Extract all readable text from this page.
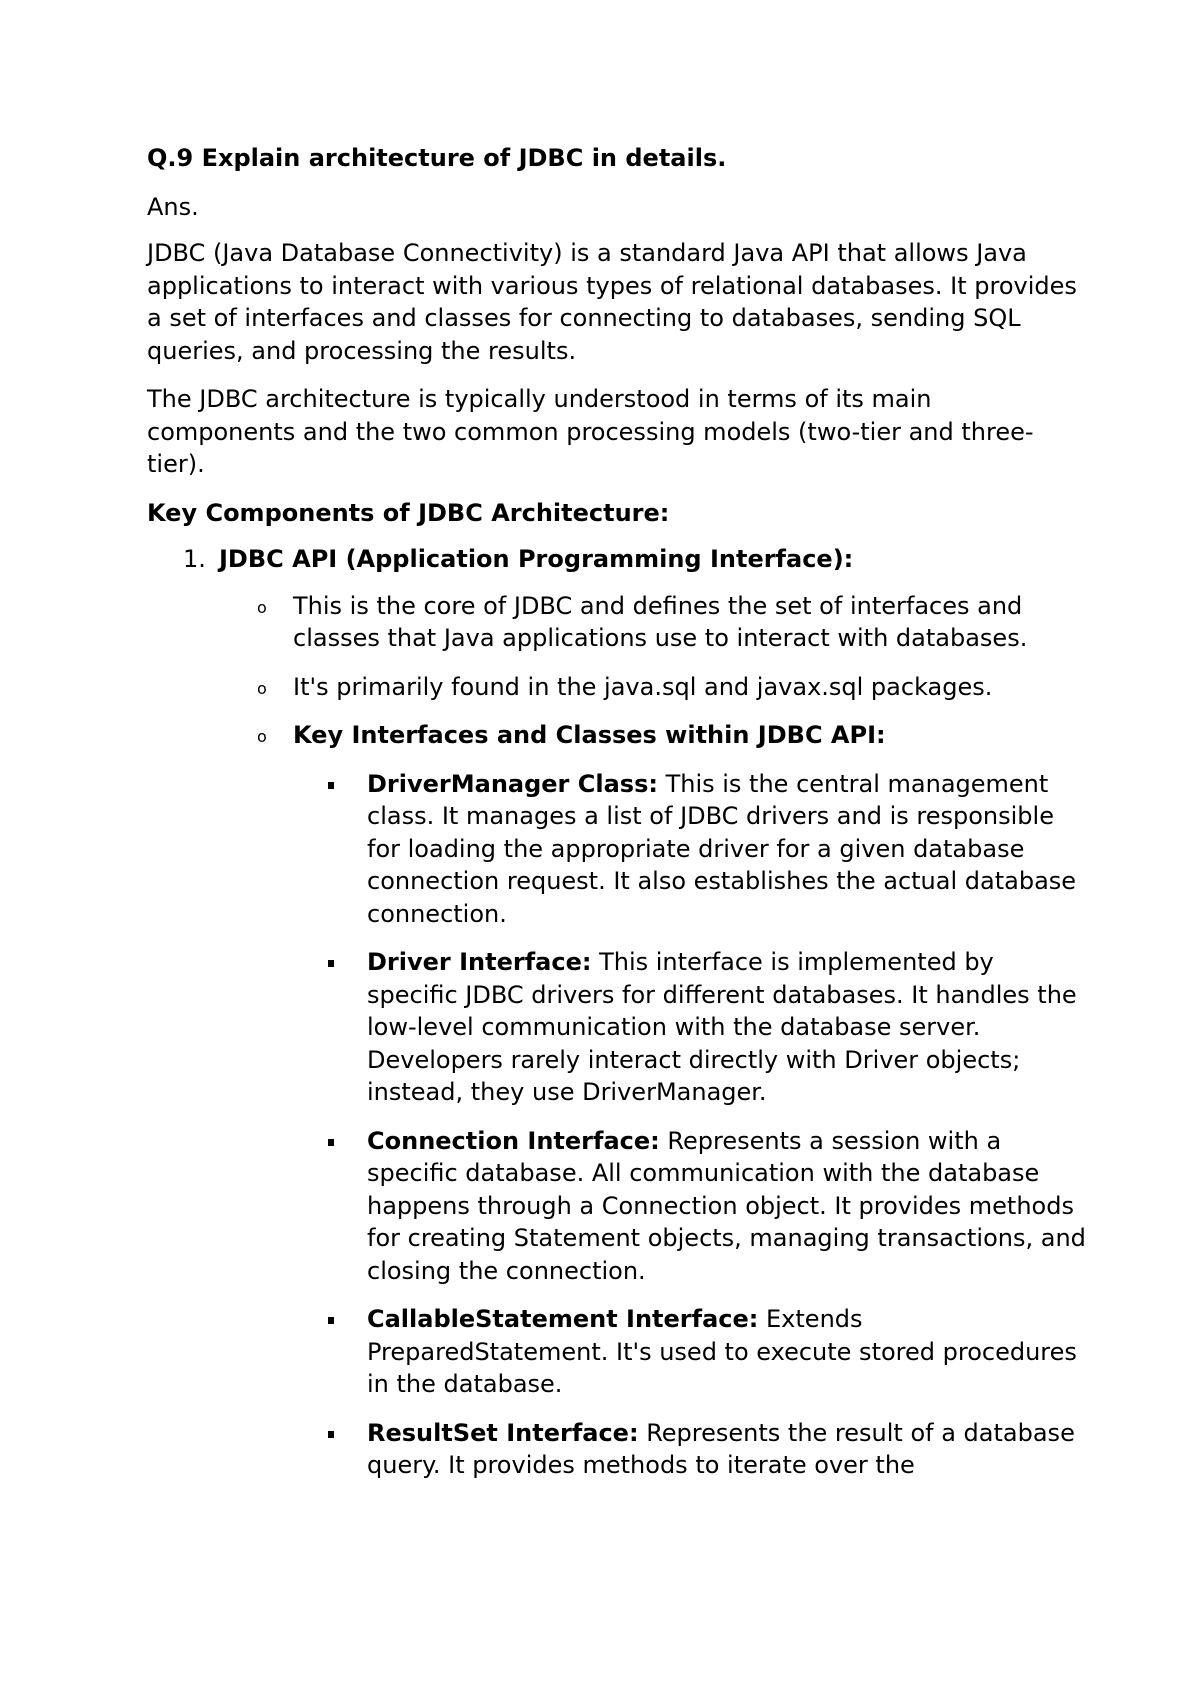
Q.9 Explain architecture of JDBC in details.

Ans.

JDBC (Java Database Connectivity) is a standard Java API that allows Java applications to interact with various types of relational databases. It provides a set of interfaces and classes for connecting to databases, sending SQL queries, and processing the results.

The JDBC architecture is typically understood in terms of its main components and the two common processing models (two-tier and three-tier).

Key Components of JDBC Architecture:

1. JDBC API (Application Programming Interface):
o This is the core of JDBC and defines the set of interfaces and classes that Java applications use to interact with databases.
o It's primarily found in the java.sql and javax.sql packages.
o Key Interfaces and Classes within JDBC API:
DriverManager Class: This is the central management class. It manages a list of JDBC drivers and is responsible for loading the appropriate driver for a given database connection request. It also establishes the actual database connection.
Driver Interface: This interface is implemented by specific JDBC drivers for different databases. It handles the low-level communication with the database server. Developers rarely interact directly with Driver objects; instead, they use DriverManager.
Connection Interface: Represents a session with a specific database. All communication with the database happens through a Connection object. It provides methods for creating Statement objects, managing transactions, and closing the connection.
CallableStatement Interface: Extends PreparedStatement. It's used to execute stored procedures in the database.
ResultSet Interface: Represents the result of a database query. It provides methods to iterate over the
